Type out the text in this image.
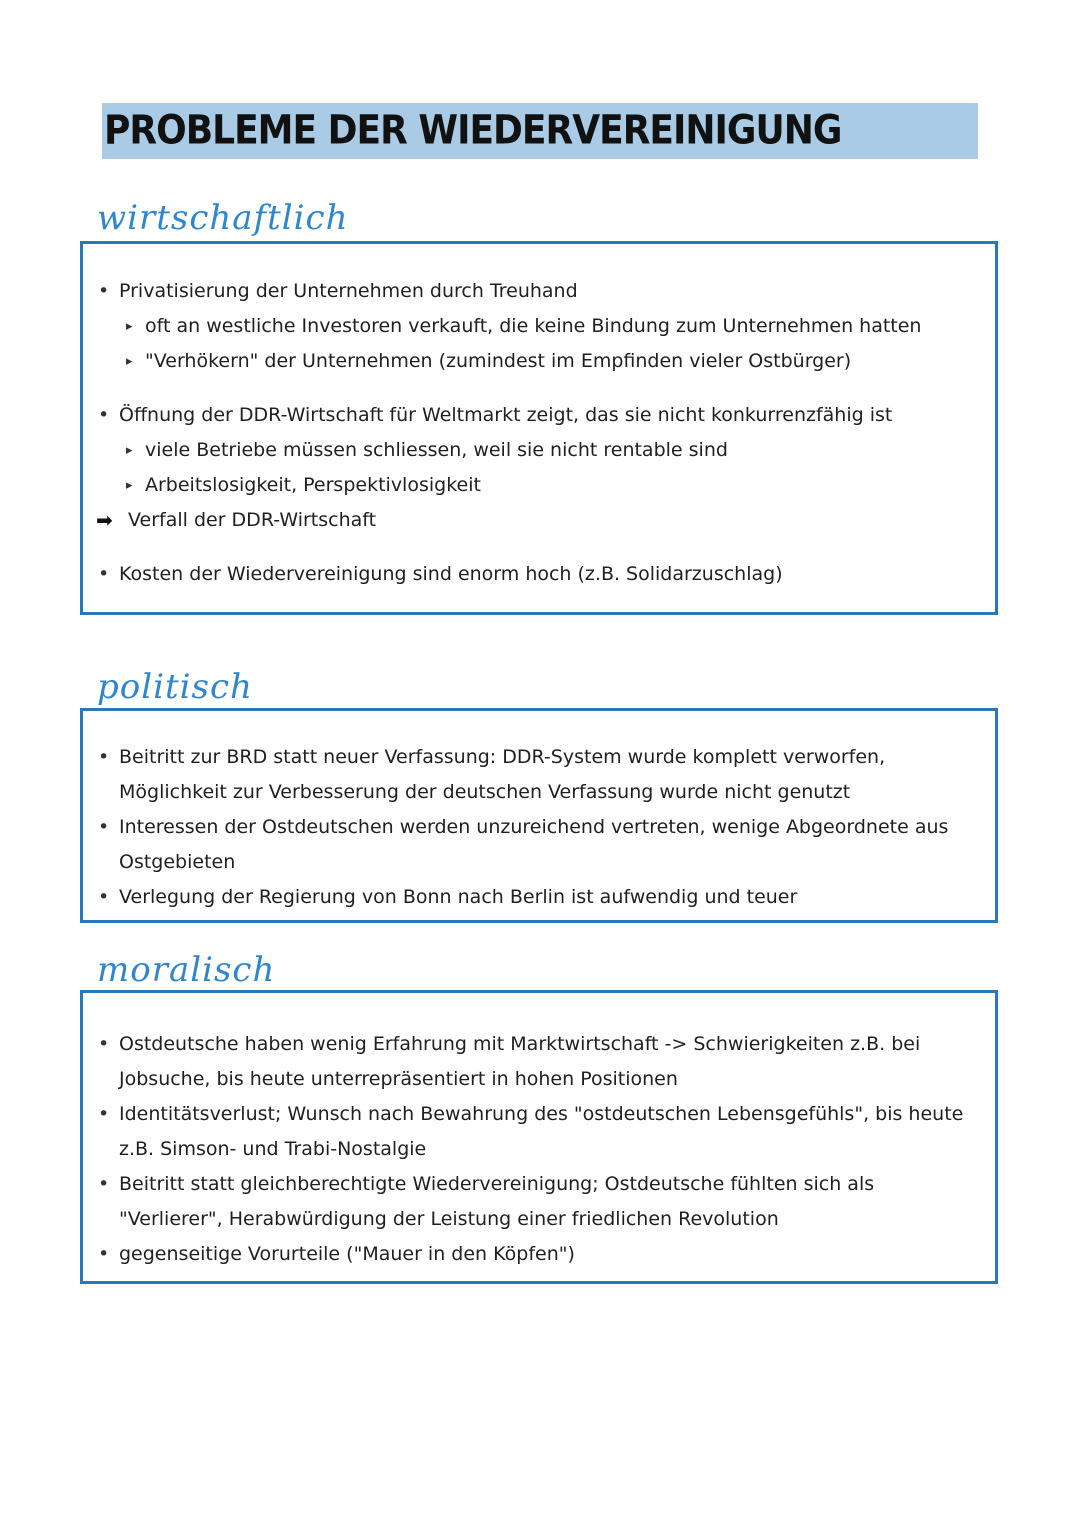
PROBLEME DER WIEDERVEREINIGUNG
wirtschaftlich
• Privatisierung der Unternehmen durch Treuhand
▸ oft an westliche Investoren verkauft, die keine Bindung zum Unternehmen hatten
▸ "Verhökern" der Unternehmen (zumindest im Empfinden vieler Ostbürger)
• Öffnung der DDR-Wirtschaft für Weltmarkt zeigt, das sie nicht konkurrenzfähig ist
▸ viele Betriebe müssen schliessen, weil sie nicht rentable sind
▸ Arbeitslosigkeit, Perspektivlosigkeit
➡ Verfall der DDR-Wirtschaft
• Kosten der Wiedervereinigung sind enorm hoch (z.B. Solidarzuschlag)
politisch
• Beitritt zur BRD statt neuer Verfassung: DDR-System wurde komplett verworfen,
Möglichkeit zur Verbesserung der deutschen Verfassung wurde nicht genutzt
• Interessen der Ostdeutschen werden unzureichend vertreten, wenige Abgeordnete aus
Ostgebieten
• Verlegung der Regierung von Bonn nach Berlin ist aufwendig und teuer
moralisch
• Ostdeutsche haben wenig Erfahrung mit Marktwirtschaft -> Schwierigkeiten z.B. bei
Jobsuche, bis heute unterrepräsentiert in hohen Positionen
• Identitätsverlust; Wunsch nach Bewahrung des "ostdeutschen Lebensgefühls", bis heute
z.B. Simson- und Trabi-Nostalgie
• Beitritt statt gleichberechtigte Wiedervereinigung; Ostdeutsche fühlten sich als
"Verlierer", Herabwürdigung der Leistung einer friedlichen Revolution
• gegenseitige Vorurteile ("Mauer in den Köpfen")
